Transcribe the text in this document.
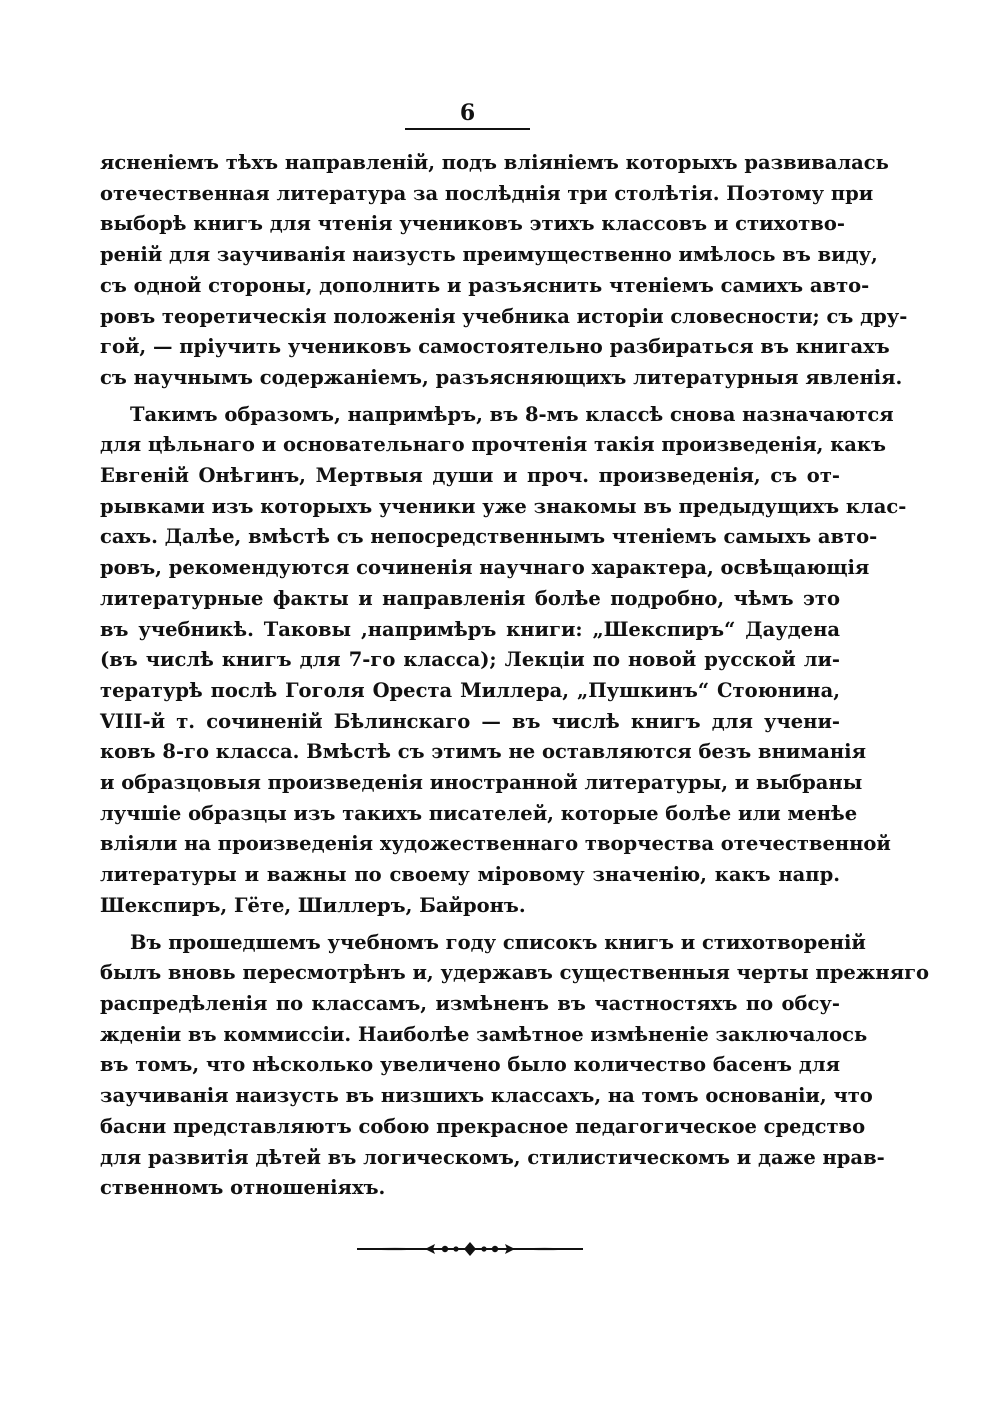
6

ясненіемъ тѣхъ направленій, подъ вліяніемъ которыхъ развивалась
отечественная литература за послѣднія три столѣтія. Поэтому при
выборѣ книгъ для чтенія учениковъ этихъ классовъ и стихотво-
реній для заучиванія наизусть преимущественно имѣлось въ виду,
съ одной стороны, дополнить и разъяснить чтеніемъ самихъ авто-
ровъ теоретическія положенія учебника исторіи словесности; съ дру-
гой, — пріучить учениковъ самостоятельно разбираться въ книгахъ
съ научнымъ содержаніемъ, разъясняющихъ литературныя явленія.

Такимъ образомъ, напримѣръ, въ 8-мъ классѣ снова назначаются
для цѣльнаго и основательнаго прочтенія такія произведенія, какъ
Евгеній Онѣгинъ, Мертвыя души и проч. произведенія, съ от-
рывками изъ которыхъ ученики уже знакомы въ предыдущихъ клас-
сахъ. Далѣе, вмѣстѣ съ непосредственнымъ чтеніемъ самыхъ авто-
ровъ, рекомендуются сочиненія научнаго характера, освѣщающія
литературные факты и направленія болѣе подробно, чѣмъ это
въ учебникѣ. Таковы ,напримѣръ книги: „Шекспиръ“ Даудена
(въ числѣ книгъ для 7-го класса); Лекціи по новой русской ли-
тературѣ послѣ Гоголя Ореста Миллера, „Пушкинъ“ Стоюнина,
VIII-й т. сочиненій Бѣлинскаго — въ числѣ книгъ для учени-
ковъ 8-го класса. Вмѣстѣ съ этимъ не оставляются безъ вниманія
и образцовыя произведенія иностранной литературы, и выбраны
лучшіе образцы изъ такихъ писателей, которые болѣе или менѣе
вліяли на произведенія художественнаго творчества отечественной
литературы и важны по своему міровому значенію, какъ напр.
Шекспиръ, Гёте, Шиллеръ, Байронъ.

Въ прошедшемъ учебномъ году списокъ книгъ и стихотвореній
былъ вновь пересмотрѣнъ и, удержавъ существенныя черты прежняго
распредѣленія по классамъ, измѣненъ въ частностяхъ по обсу-
жденіи въ коммиссіи. Наиболѣе замѣтное измѣненіе заключалось
въ томъ, что нѣсколько увеличено было количество басенъ для
заучиванія наизусть въ низшихъ классахъ, на томъ основаніи, что
басни представляютъ собою прекрасное педагогическое средство
для развитія дѣтей въ логическомъ, стилистическомъ и даже нрав-
ственномъ отношеніяхъ.
